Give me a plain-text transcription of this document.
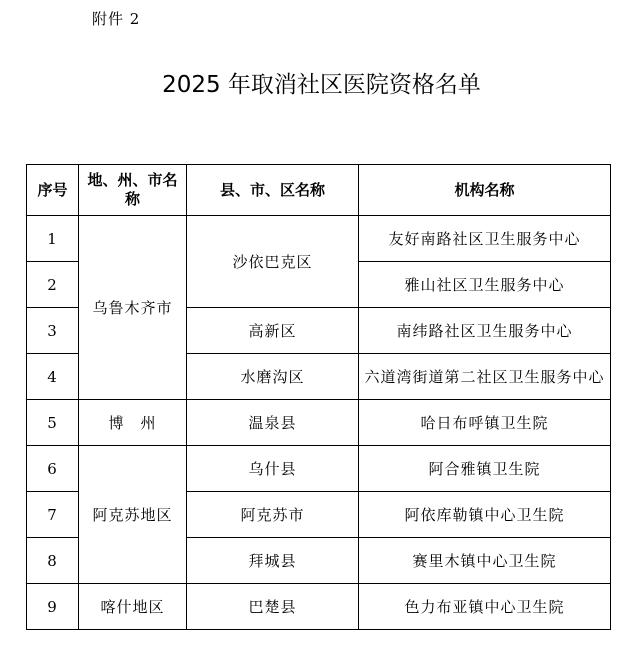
附件 2
2025 年取消社区医院资格名单
序号	地、州、市名称	县、市、区名称	机构名称
1	乌鲁木齐市	沙依巴克区	友好南路社区卫生服务中心
2			雅山社区卫生服务中心
3		高新区	南纬路社区卫生服务中心
4		水磨沟区	六道湾街道第二社区卫生服务中心
5	博　州	温泉县	哈日布呼镇卫生院
6	阿克苏地区	乌什县	阿合雅镇卫生院
7		阿克苏市	阿依库勒镇中心卫生院
8		拜城县	赛里木镇中心卫生院
9	喀什地区	巴楚县	色力布亚镇中心卫生院
